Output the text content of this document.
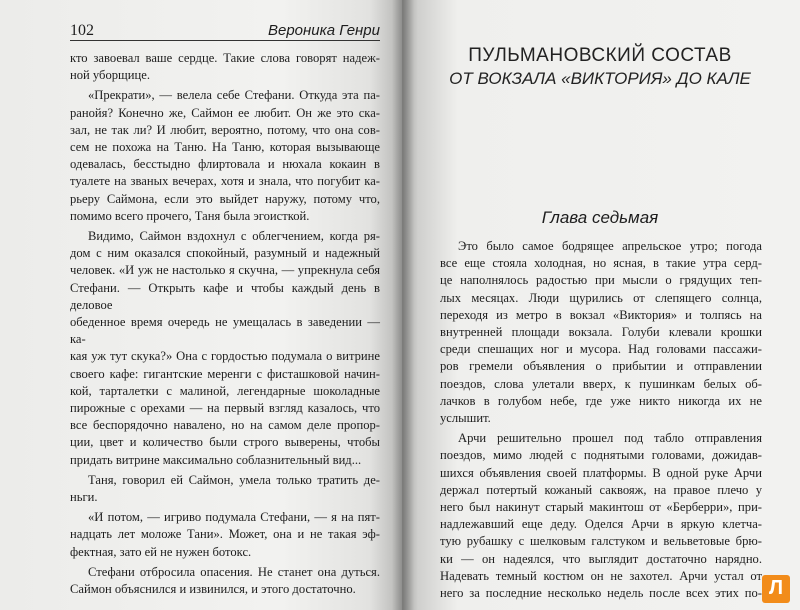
102	Вероника Генри
кто завоевал ваше сердце. Такие слова говорят надеж-
ной уборщице.
«Прекрати», — велела себе Стефани. Откуда эта па-
ранойя? Конечно же, Саймон ее любит. Он же это ска-
зал, не так ли? И любит, вероятно, потому, что она сов-
сем не похожа на Таню. На Таню, которая вызывающе
одевалась, бесстыдно флиртовала и нюхала кокаин в
туалете на званых вечерах, хотя и знала, что погубит ка-
рьеру Саймона, если это выйдет наружу, потому что,
помимо всего прочего, Таня была эгоисткой.
Видимо, Саймон вздохнул с облегчением, когда ря-
дом с ним оказался спокойный, разумный и надежный
человек. «И уж не настолько я скучна, — упрекнула себя
Стефани. — Открыть кафе и чтобы каждый день в деловое
обеденное время очередь не умещалась в заведении — ка-
кая уж тут скука?» Она с гордостью подумала о витрине
своего кафе: гигантские меренги с фисташковой начин-
кой, тарталетки с малиной, легендарные шоколадные
пирожные с орехами — на первый взгляд казалось, что
все беспорядочно навалено, но на самом деле пропор-
ции, цвет и количество были строго выверены, чтобы
придать витрине максимально соблазнительный вид...
Таня, говорил ей Саймон, умела только тратить де-
ньги.
«И потом, — игриво подумала Стефани, — я на пят-
надцать лет моложе Тани». Может, она и не такая эф-
фектная, зато ей не нужен ботокс.
Стефани отбросила опасения. Не станет она дуться.
Саймон объяснился и извинился, и этого достаточно.
ПУЛЬМАНОВСКИЙ СОСТАВ
ОТ ВОКЗАЛА «ВИКТОРИЯ» ДО КАЛЕ
Глава седьмая
Это было самое бодрящее апрельское утро; погода
все еще стояла холодная, но ясная, в такие утра серд-
це наполнялось радостью при мысли о грядущих теп-
лых месяцах. Люди щурились от слепящего солнца,
переходя из метро в вокзал «Виктория» и толпясь на
внутренней площади вокзала. Голуби клевали крошки
среди спешащих ног и мусора. Над головами пассажи-
ров гремели объявления о прибытии и отправлении
поездов, слова улетали вверх, к пушинкам белых об-
лачков в голубом небе, где уже никто никогда их не
услышит.
Арчи решительно прошел под табло отправления
поездов, мимо людей с поднятыми головами, дожидав-
шихся объявления своей платформы. В одной руке Арчи
держал потертый кожаный саквояж, на правое плечо у
него был накинут старый макинтош от «Берберри», при-
надлежавший еще деду. Оделся Арчи в яркую клетча-
тую рубашку с шелковым галстуком и вельветовые брю-
ки — он надеялся, что выглядит достаточно нарядно.
Надевать темный костюм он не захотел. Арчи устал от
него за последние несколько недель после всех этих по- Л
